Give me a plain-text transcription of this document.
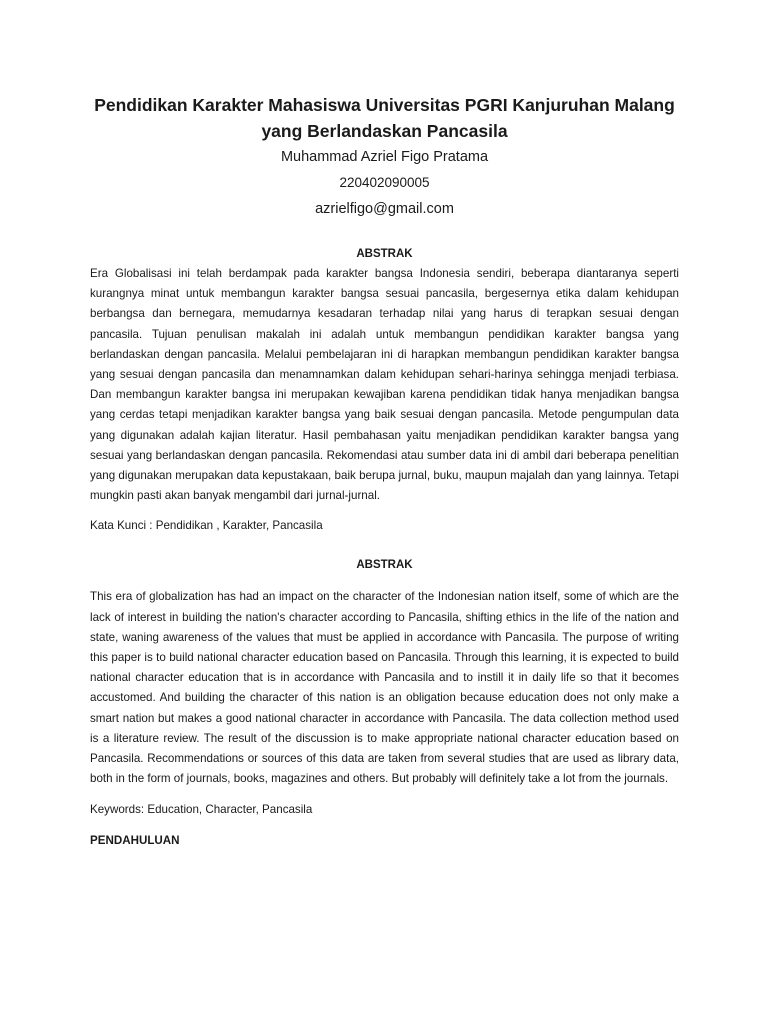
Pendidikan Karakter Mahasiswa Universitas PGRI Kanjuruhan Malang
yang Berlandaskan Pancasila

Muhammad Azriel Figo Pratama

220402090005

azrielfigo@gmail.com

ABSTRAK

Era Globalisasi ini telah berdampak pada karakter bangsa Indonesia sendiri, beberapa diantaranya seperti kurangnya minat untuk membangun karakter bangsa sesuai pancasila, bergesernya etika dalam kehidupan berbangsa dan bernegara, memudarnya kesadaran terhadap nilai yang harus di terapkan sesuai dengan pancasila. Tujuan penulisan makalah ini adalah untuk membangun pendidikan karakter bangsa yang berlandaskan dengan pancasila. Melalui pembelajaran ini di harapkan membangun pendidikan karakter bangsa yang sesuai dengan pancasila dan menamnamkan dalam kehidupan sehari-harinya sehingga menjadi terbiasa. Dan membangun karakter bangsa ini merupakan kewajiban karena pendidikan tidak hanya menjadikan bangsa yang cerdas tetapi menjadikan karakter bangsa yang baik sesuai dengan pancasila. Metode pengumpulan data yang digunakan adalah kajian literatur. Hasil pembahasan yaitu menjadikan pendidikan karakter bangsa yang sesuai yang berlandaskan dengan pancasila. Rekomendasi atau sumber data ini di ambil dari beberapa penelitian yang digunakan merupakan data kepustakaan, baik berupa jurnal, buku, maupun majalah dan yang lainnya. Tetapi mungkin pasti akan banyak mengambil dari jurnal-jurnal.

Kata Kunci : Pendidikan , Karakter, Pancasila

ABSTRAK

This era of globalization has had an impact on the character of the Indonesian nation itself, some of which are the lack of interest in building the nation's character according to Pancasila, shifting ethics in the life of the nation and state, waning awareness of the values that must be applied in accordance with Pancasila. The purpose of writing this paper is to build national character education based on Pancasila. Through this learning, it is expected to build national character education that is in accordance with Pancasila and to instill it in daily life so that it becomes accustomed. And building the character of this nation is an obligation because education does not only make a smart nation but makes a good national character in accordance with Pancasila. The data collection method used is a literature review. The result of the discussion is to make appropriate national character education based on Pancasila. Recommendations or sources of this data are taken from several studies that are used as library data, both in the form of journals, books, magazines and others. But probably will definitely take a lot from the journals.

Keywords: Education, Character, Pancasila

PENDAHULUAN
